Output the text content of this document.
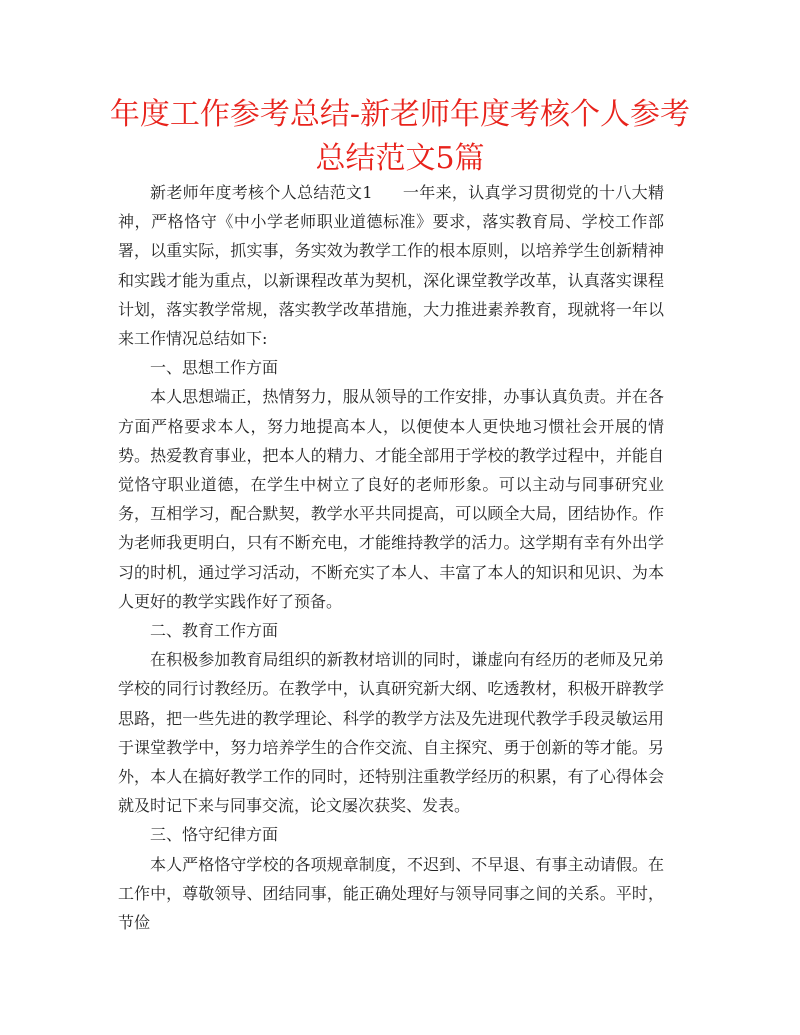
年度工作参考总结-新老师年度考核个人参考总结范文5篇

新老师年度考核个人总结范文1 一年来，认真学习贯彻党的十八大精神，严格恪守《中小学老师职业道德标准》要求，落实教育局、学校工作部署，以重实际，抓实事，务实效为教学工作的根本原则，以培养学生创新精神和实践才能为重点，以新课程改革为契机，深化课堂教学改革，认真落实课程计划，落实教学常规，落实教学改革措施，大力推进素养教育，现就将一年以来工作情况总结如下:

一、思想工作方面

本人思想端正，热情努力，服从领导的工作安排，办事认真负责。并在各方面严格要求本人，努力地提高本人，以便使本人更快地习惯社会开展的情势。热爱教育事业，把本人的精力、才能全部用于学校的教学过程中，并能自觉恪守职业道德，在学生中树立了良好的老师形象。可以主动与同事研究业务，互相学习，配合默契，教学水平共同提高，可以顾全大局，团结协作。作为老师我更明白，只有不断充电，才能维持教学的活力。这学期有幸有外出学习的时机，通过学习活动，不断充实了本人、丰富了本人的知识和见识、为本人更好的教学实践作好了预备。

二、教育工作方面

在积极参加教育局组织的新教材培训的同时，谦虚向有经历的老师及兄弟学校的同行讨教经历。在教学中，认真研究新大纲、吃透教材，积极开辟教学思路，把一些先进的教学理论、科学的教学方法及先进现代教学手段灵敏运用于课堂教学中，努力培养学生的合作交流、自主探究、勇于创新的等才能。另外，本人在搞好教学工作的同时，还特别注重教学经历的积累，有了心得体会就及时记下来与同事交流，论文屡次获奖、发表。

三、恪守纪律方面

本人严格恪守学校的各项规章制度，不迟到、不早退、有事主动请假。在工作中，尊敬领导、团结同事，能正确处理好与领导同事之间的关系。平时，节俭
